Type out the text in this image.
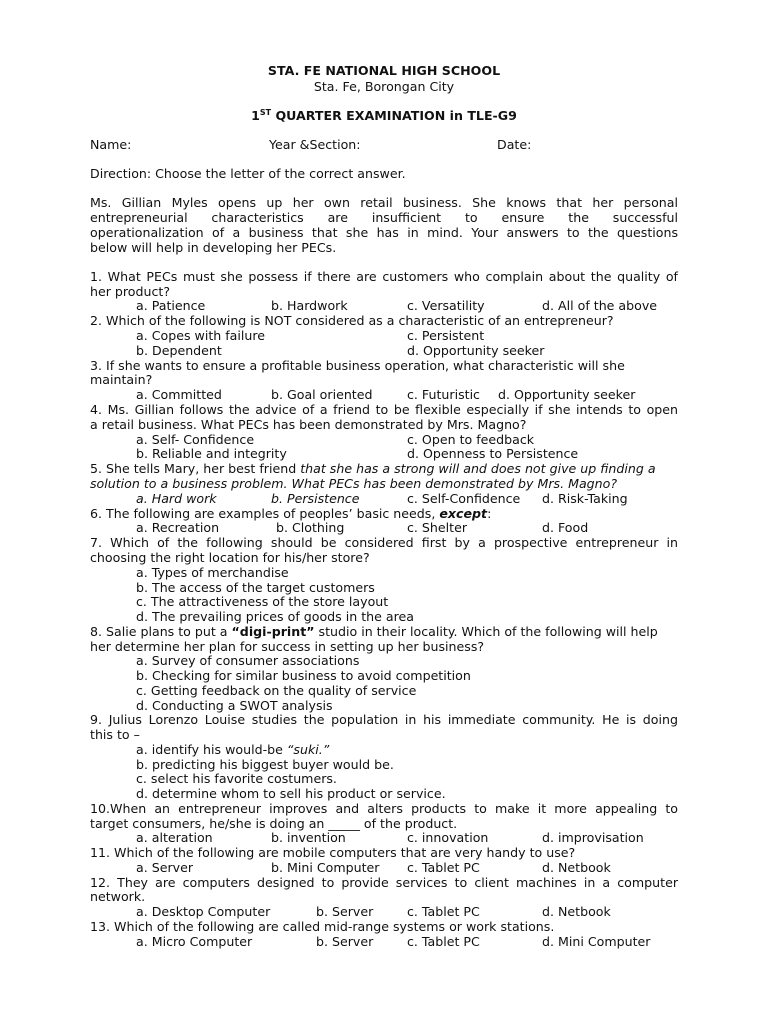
STA. FE NATIONAL HIGH SCHOOL
Sta. Fe, Borongan City
1ST QUARTER EXAMINATION in TLE-G9
Name:	Year &Section:	Date:
Direction: Choose the letter of the correct answer.
Ms. Gillian Myles opens up her own retail business. She knows that her personal
entrepreneurial characteristics are insufficient to ensure the successful
operationalization of a business that she has in mind. Your answers to the questions
below will help in developing her PECs.
1. What PECs must she possess if there are customers who complain about the quality of
her product?
a. Patience	b. Hardwork	c. Versatility	d. All of the above
2. Which of the following is NOT considered as a characteristic of an entrepreneur?
a. Copes with failure	c. Persistent
b. Dependent	d. Opportunity seeker
3. If she wants to ensure a profitable business operation, what characteristic will she
maintain?
a. Committed	b. Goal oriented	c. Futuristic d. Opportunity seeker
4. Ms. Gillian follows the advice of a friend to be flexible especially if she intends to open
a retail business. What PECs has been demonstrated by Mrs. Magno?
a. Self- Confidence	c. Open to feedback
b. Reliable and integrity	d. Openness to Persistence
5. She tells Mary, her best friend that she has a strong will and does not give up finding a
solution to a business problem. What PECs has been demonstrated by Mrs. Magno?
a. Hard work	b. Persistence	c. Self-Confidence d. Risk-Taking
6. The following are examples of peoples’ basic needs, except:
a. Recreation	b. Clothing	c. Shelter	d. Food
7. Which of the following should be considered first by a prospective entrepreneur in
choosing the right location for his/her store?
a. Types of merchandise
b. The access of the target customers
c. The attractiveness of the store layout
d. The prevailing prices of goods in the area
8. Salie plans to put a “digi-print” studio in their locality. Which of the following will help
her determine her plan for success in setting up her business?
a. Survey of consumer associations
b. Checking for similar business to avoid competition
c. Getting feedback on the quality of service
d. Conducting a SWOT analysis
9. Julius Lorenzo Louise studies the population in his immediate community. He is doing
this to –
a. identify his would-be “suki.”
b. predicting his biggest buyer would be.
c. select his favorite costumers.
d. determine whom to sell his product or service.
10.When an entrepreneur improves and alters products to make it more appealing to
target consumers, he/she is doing an _____ of the product.
a. alteration	b. invention	c. innovation	d. improvisation
11. Which of the following are mobile computers that are very handy to use?
a. Server	b. Mini Computer c. Tablet PC	d. Netbook
12. They are computers designed to provide services to client machines in a computer
network.
a. Desktop Computer	b. Server	c. Tablet PC	d. Netbook
13. Which of the following are called mid-range systems or work stations.
a. Micro Computer	b. Server	c. Tablet PC	d. Mini Computer
